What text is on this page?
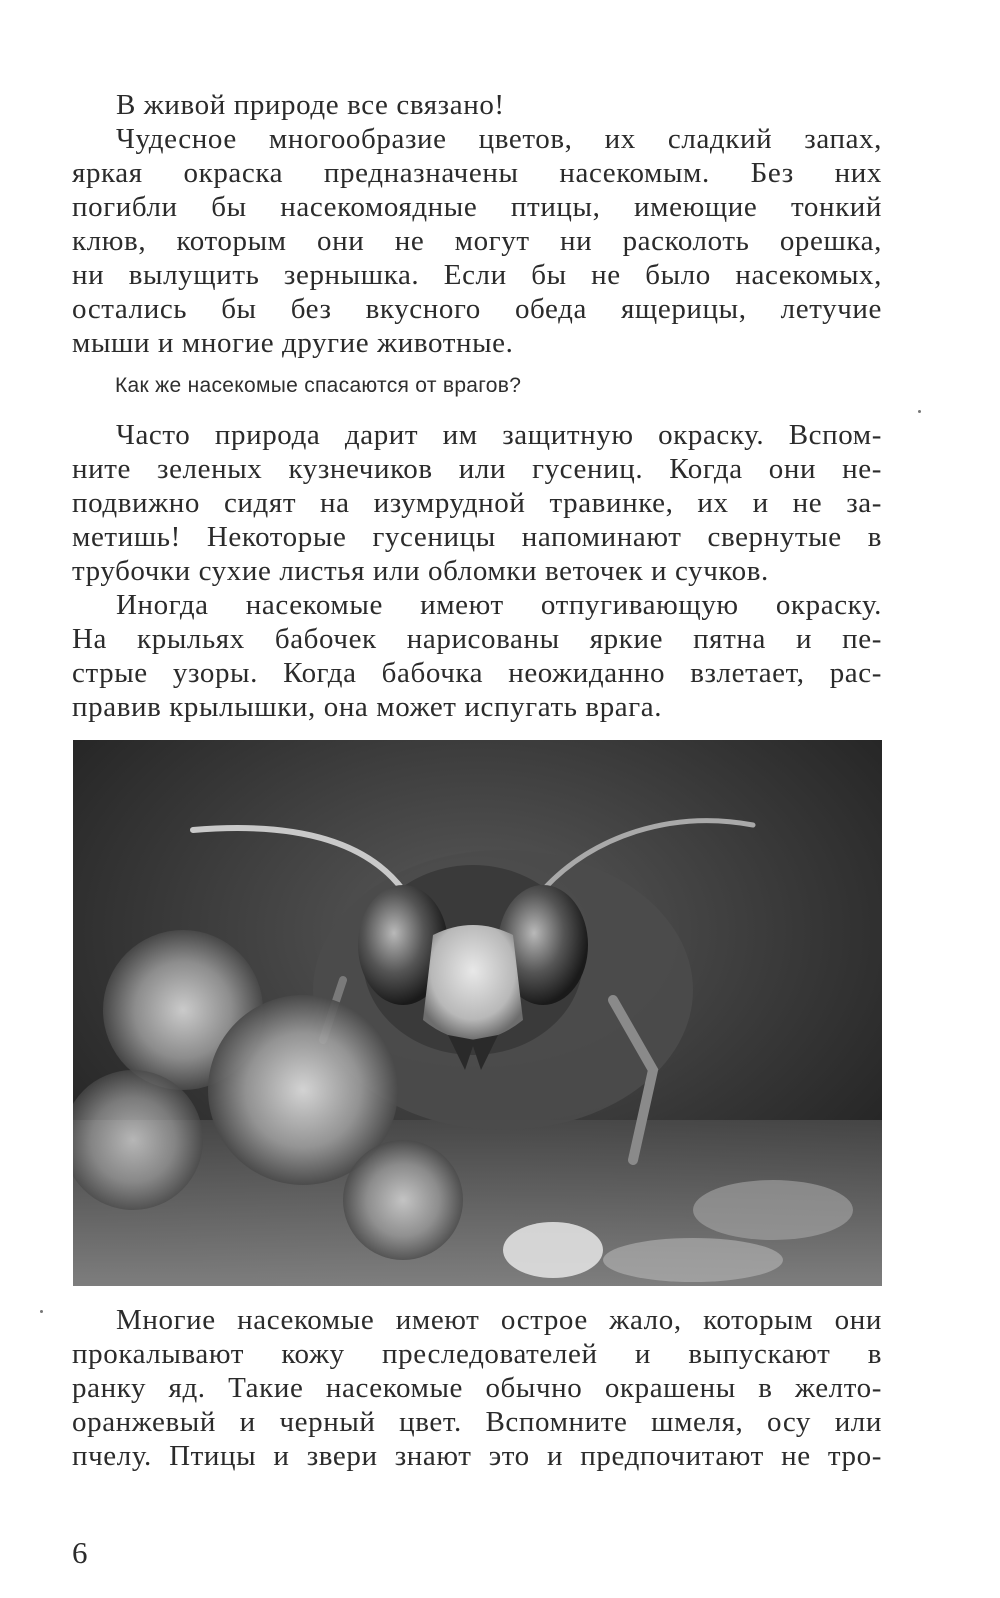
В живой природе все связано!
Чудесное многообразие цветов, их сладкий запах,
яркая окраска предназначены насекомым. Без них
погибли бы насекомоядные птицы, имеющие тонкий
клюв, которым они не могут ни расколоть орешка,
ни вылущить зернышка. Если бы не было насекомых,
остались бы без вкусного обеда ящерицы, летучие
мыши и многие другие животные.
Как же насекомые спасаются от врагов?
Часто природа дарит им защитную окраску. Вспом-
ните зеленых кузнечиков или гусениц. Когда они не-
подвижно сидят на изумрудной травинке, их и не за-
метишь! Некоторые гусеницы напоминают свернутые в
трубочки сухие листья или обломки веточек и сучков.
Иногда насекомые имеют отпугивающую окраску.
На крыльях бабочек нарисованы яркие пятна и пе-
стрые узоры. Когда бабочка неожиданно взлетает, рас-
правив крылышки, она может испугать врага.
Многие насекомые имеют острое жало, которым они
прокалывают кожу преследователей и выпускают в
ранку яд. Такие насекомые обычно окрашены в желто-
оранжевый и черный цвет. Вспомните шмеля, осу или
пчелу. Птицы и звери знают это и предпочитают не тро-
6
